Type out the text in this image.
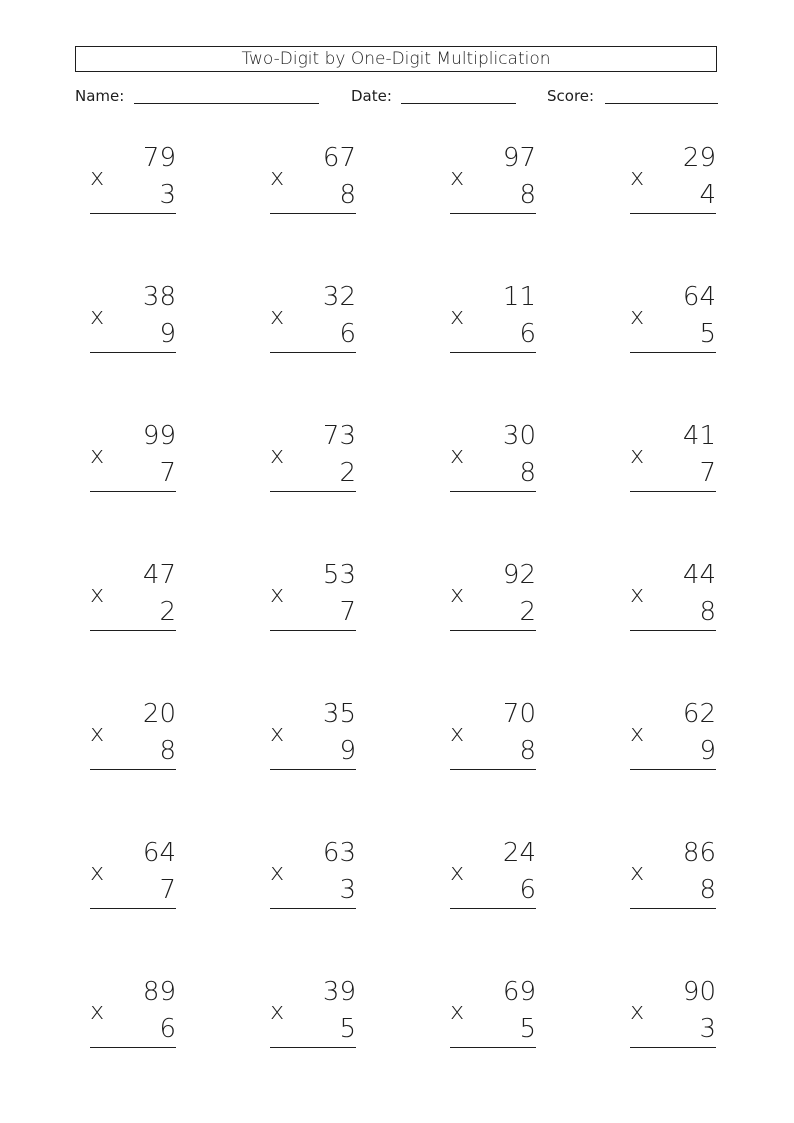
Two-Digit by One-Digit Multiplication
Name:	Date:	Score:
x
79
3
x
67
8
x
97
8
x
29
4
x
38
9
x
32
6
x
11
6
x
64
5
x
99
7
x
73
2
x
30
8
x
41
7
x
47
2
x
53
7
x
92
2
x
44
8
x
20
8
x
35
9
x
70
8
x
62
9
x
64
7
x
63
3
x
24
6
x
86
8
x
89
6
x
39
5
x
69
5
x
90
3
